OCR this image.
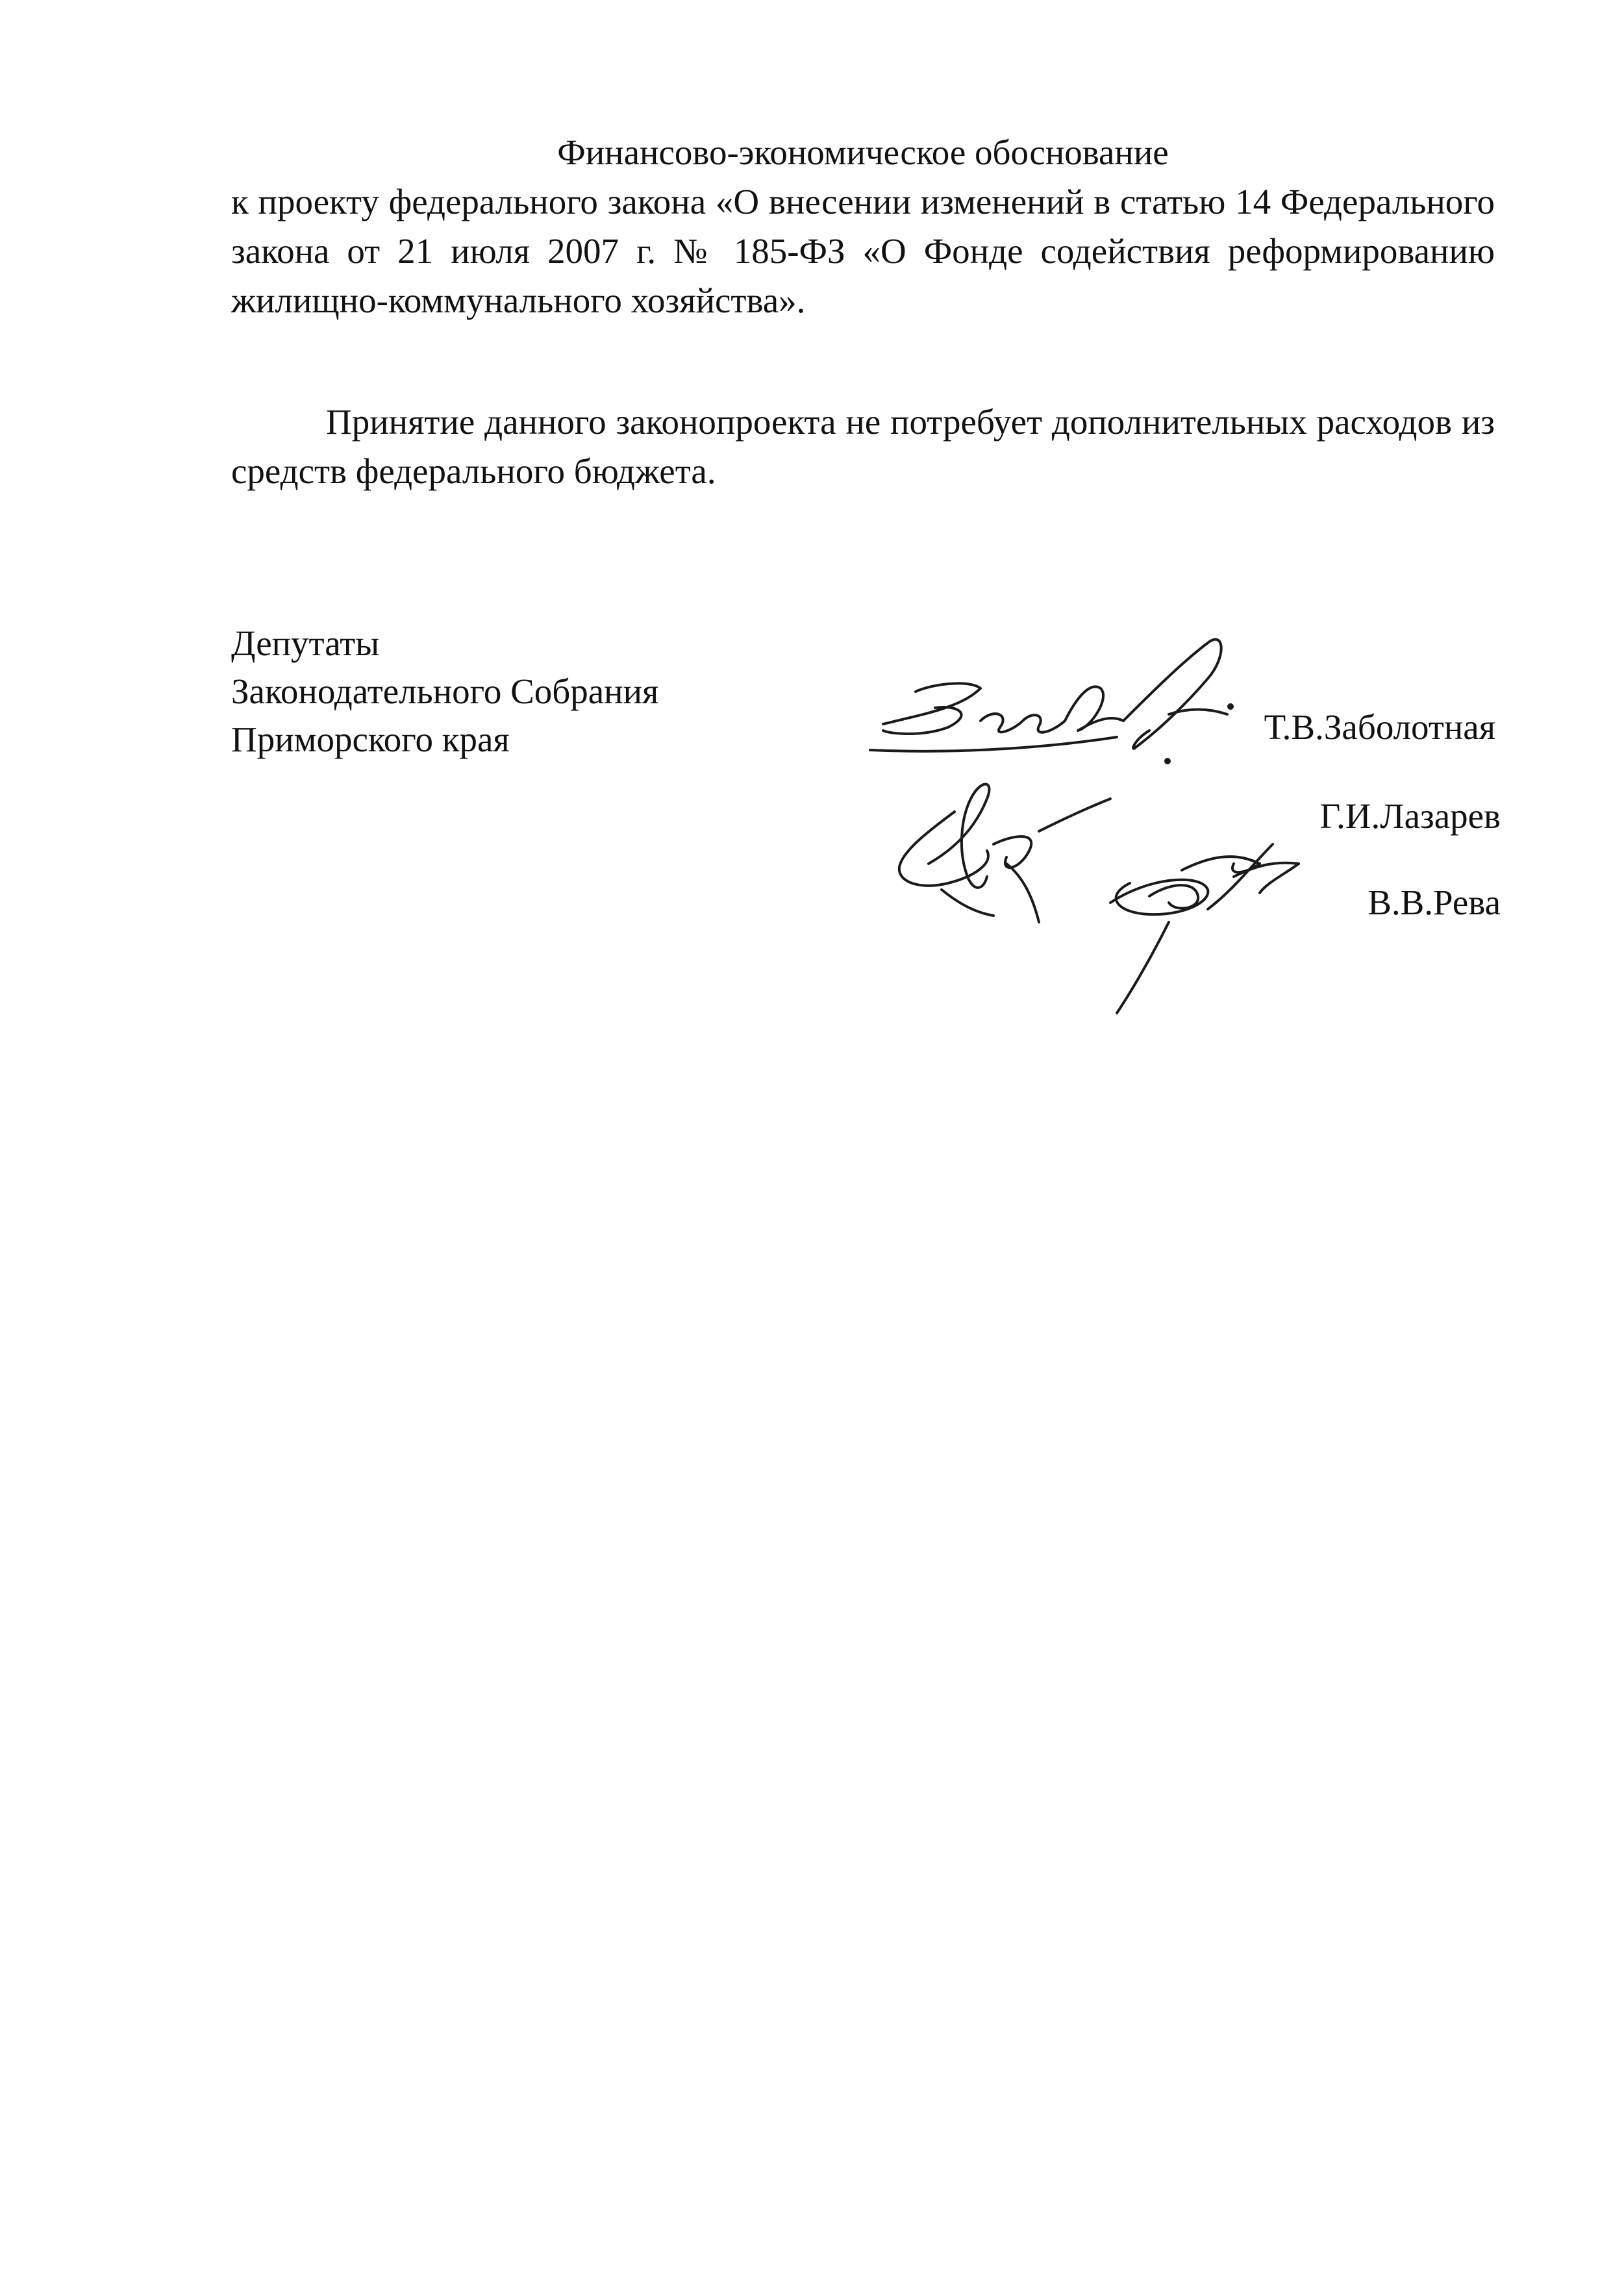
Финансово-экономическое обоснование

к проекту федерального закона «О внесении изменений в статью 14 Федерального закона от 21 июля 2007 г. № 185-ФЗ «О Фонде содействия реформированию жилищно-коммунального хозяйства».

Принятие данного законопроекта не потребует дополнительных расходов из средств федерального бюджета.

Депутаты
Законодательного Собрания
Приморского края	Т.В.Заболотная
Г.И.Лазарев
В.В.Рева
